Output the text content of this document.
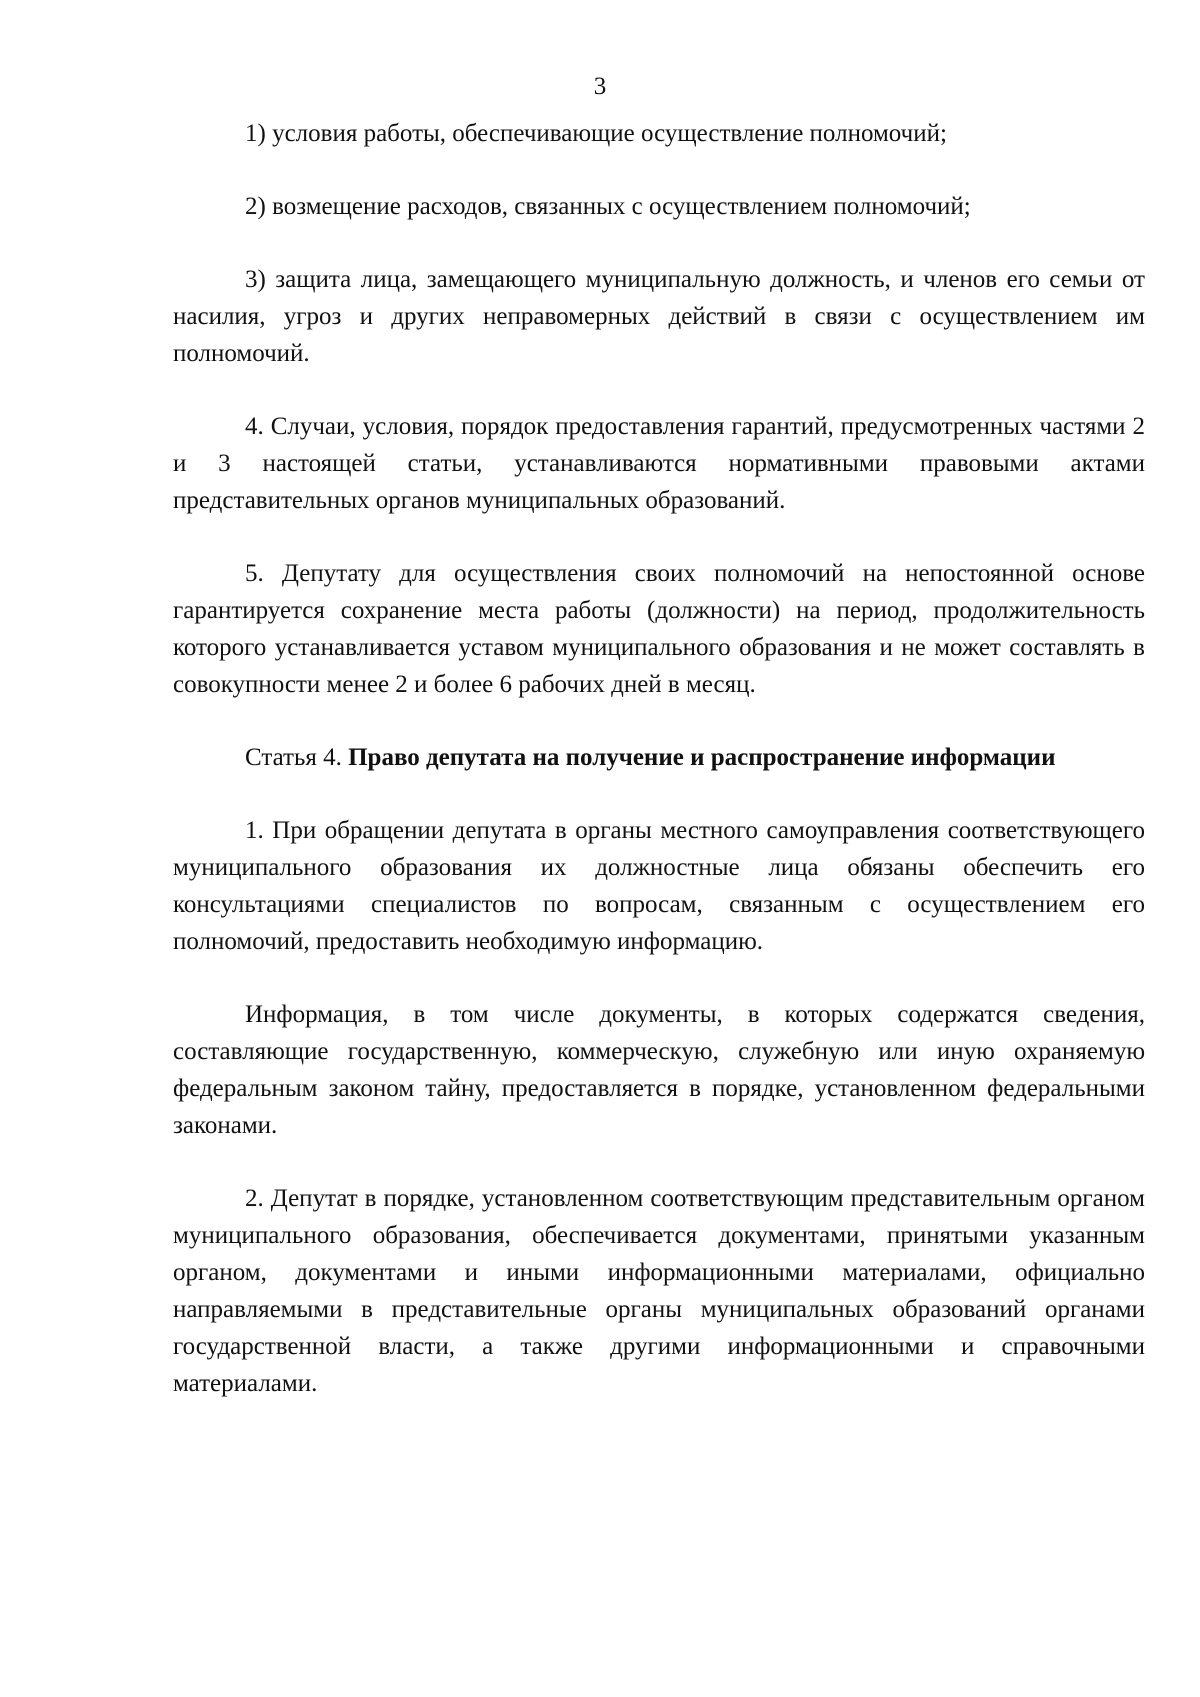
3

1) условия работы, обеспечивающие осуществление полномочий;

2) возмещение расходов, связанных с осуществлением полномочий;

3) защита лица, замещающего муниципальную должность, и членов его семьи от насилия, угроз и других неправомерных действий в связи с осуществлением им полномочий.

4. Случаи, условия, порядок предоставления гарантий, предусмотренных частями 2 и 3 настоящей статьи, устанавливаются нормативными правовыми актами представительных органов муниципальных образований.

5. Депутату для осуществления своих полномочий на непостоянной основе гарантируется сохранение места работы (должности) на период, продолжительность которого устанавливается уставом муниципального образования и не может составлять в совокупности менее 2 и более 6 рабочих дней в месяц.

Статья 4. Право депутата на получение и распространение информации

1. При обращении депутата в органы местного самоуправления соответствующего муниципального образования их должностные лица обязаны обеспечить его консультациями специалистов по вопросам, связанным с осуществлением его полномочий, предоставить необходимую информацию.

Информация, в том числе документы, в которых содержатся сведения, составляющие государственную, коммерческую, служебную или иную охраняемую федеральным законом тайну, предоставляется в порядке, установленном федеральными законами.

2. Депутат в порядке, установленном соответствующим представительным органом муниципального образования, обеспечивается документами, принятыми указанным органом, документами и иными информационными материалами, официально направляемыми в представительные органы муниципальных образований органами государственной власти, а также другими информационными и справочными материалами.
